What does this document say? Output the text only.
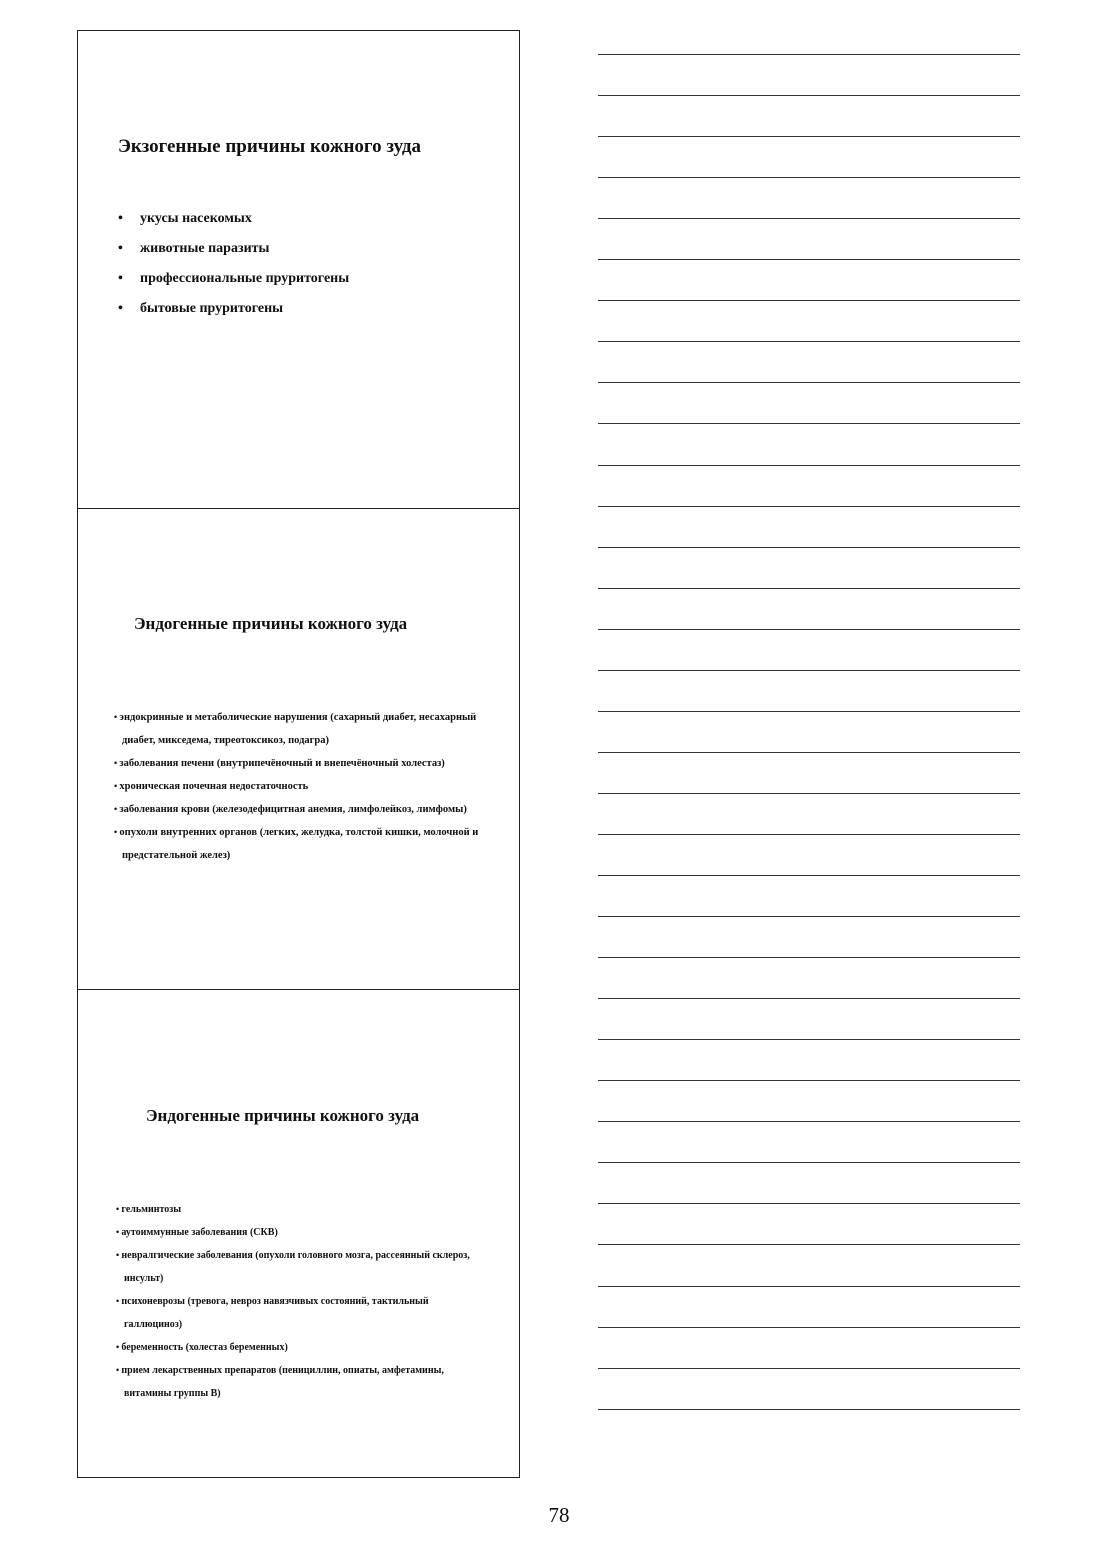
Экзогенные причины кожного зуда
• укусы насекомых
• животные паразиты
• профессиональные пруритогены
• бытовые пруритогены
Эндогенные причины кожного зуда
• эндокринные и метаболические нарушения (сахарный диабет, несахарный диабет, микседема, тиреотоксикоз, подагра)
• заболевания печени (внутрипечёночный и внепечёночный холестаз)
• хроническая почечная недостаточность
• заболевания крови (железодефицитная анемия, лимфолейкоз, лимфомы)
• опухоли внутренних органов (легких, желудка, толстой кишки, молочной и предстательной желез)
Эндогенные причины кожного зуда
• гельминтозы
• аутоиммунные заболевания (СКВ)
• невралгические заболевания (опухоли головного мозга, рассеянный склероз, инсульт)
• психоневрозы (тревога, невроз навязчивых состояний, тактильный галлюциноз)
• беременность (холестаз беременных)
• прием лекарственных препаратов (пенициллин, опиаты, амфетамины, витамины группы В)
78
